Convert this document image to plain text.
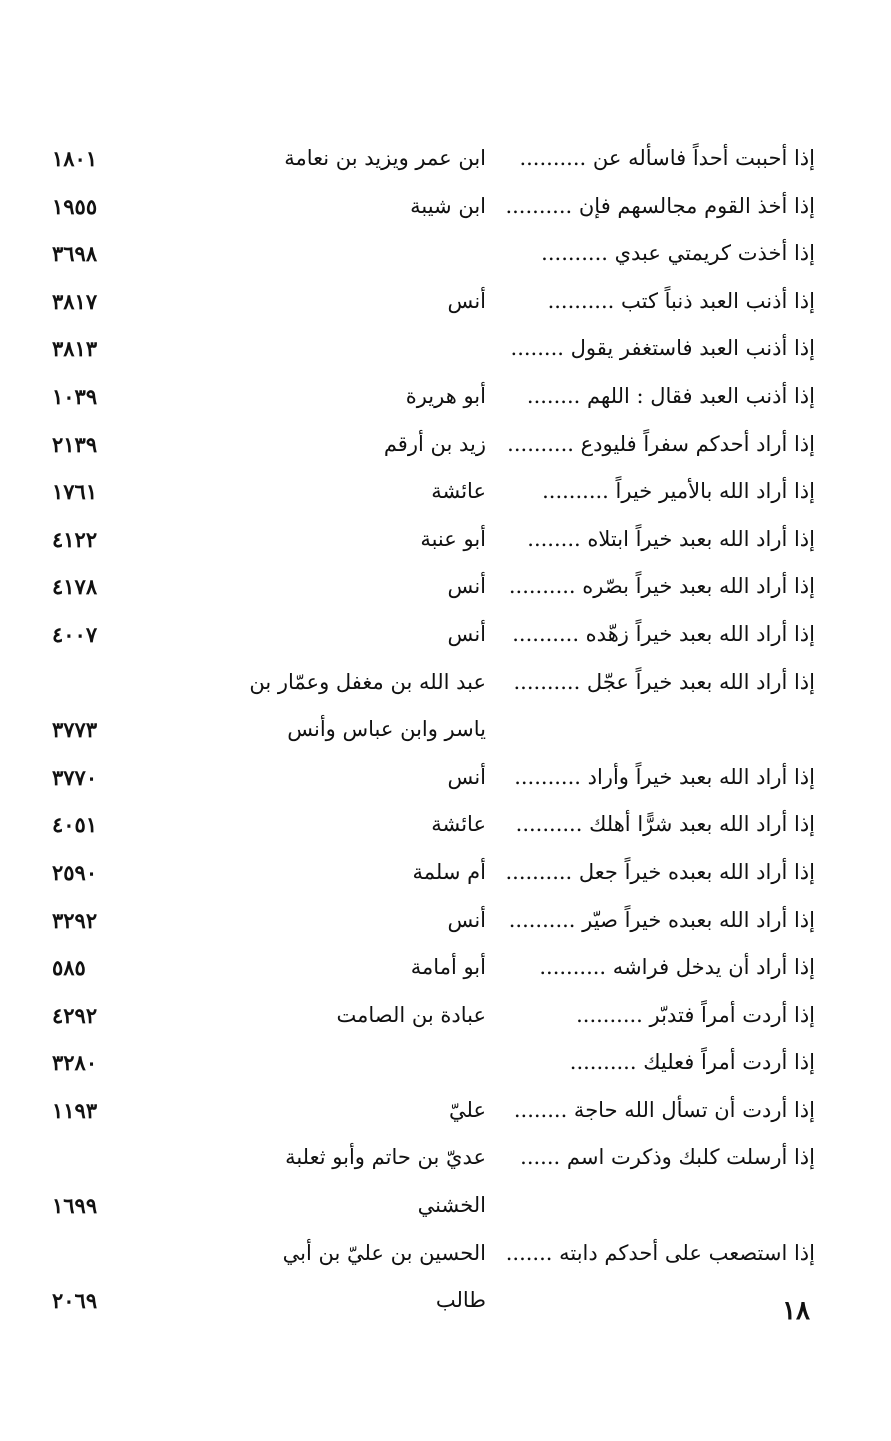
إذا أحببت أحداً فاسأله عن ..........
ابن عمر ويزيد بن نعامة
١٨٠١
إذا أخذ القوم مجالسهم فإن ..........
ابن شيبة
١٩٥٥
إذا أخذت كريمتي عبدي ..........
٣٦٩٨
إذا أذنب العبد ذنباً كتب ..........
أنس
٣٨١٧
إذا أذنب العبد فاستغفر يقول ........
٣٨١٣
إذا أذنب العبد فقال : اللهم ........
أبو هريرة
١٠٣٩
إذا أراد أحدكم سفراً فليودع ..........
زيد بن أرقم
٢١٣٩
إذا أراد الله بالأمير خيراً ..........
عائشة
١٧٦١
إذا أراد الله بعبد خيراً ابتلاه ........
أبو عنبة
٤١٢٢
إذا أراد الله بعبد خيراً بصّره ..........
أنس
٤١٧٨
إذا أراد الله بعبد خيراً زهّده ..........
أنس
٤٠٠٧
إذا أراد الله بعبد خيراً عجّل ..........
عبد الله بن مغفل وعمّار بن
ياسر وابن عباس وأنس
٣٧٧٣
إذا أراد الله بعبد خيراً وأراد ..........
أنس
٣٧٧٠
إذا أراد الله بعبد شرًّا أهلك ..........
عائشة
٤٠٥١
إذا أراد الله بعبده خيراً جعل ..........
أم سلمة
٢٥٩٠
إذا أراد الله بعبده خيراً صيّر ..........
أنس
٣٢٩٢
إذا أراد أن يدخل فراشه ..........
أبو أمامة
٥٨٥
إذا أردت أمراً فتدبّر ..........
عبادة بن الصامت
٤٢٩٢
إذا أردت أمراً فعليك ..........
٣٢٨٠
إذا أردت أن تسأل الله حاجة ........
عليّ
١١٩٣
إذا أرسلت كلبك وذكرت اسم ......
عديّ بن حاتم وأبو ثعلبة
الخشني
١٦٩٩
إذا استصعب على أحدكم دابته .......
الحسين بن عليّ بن أبي
طالب
٢٠٦٩	١٨
